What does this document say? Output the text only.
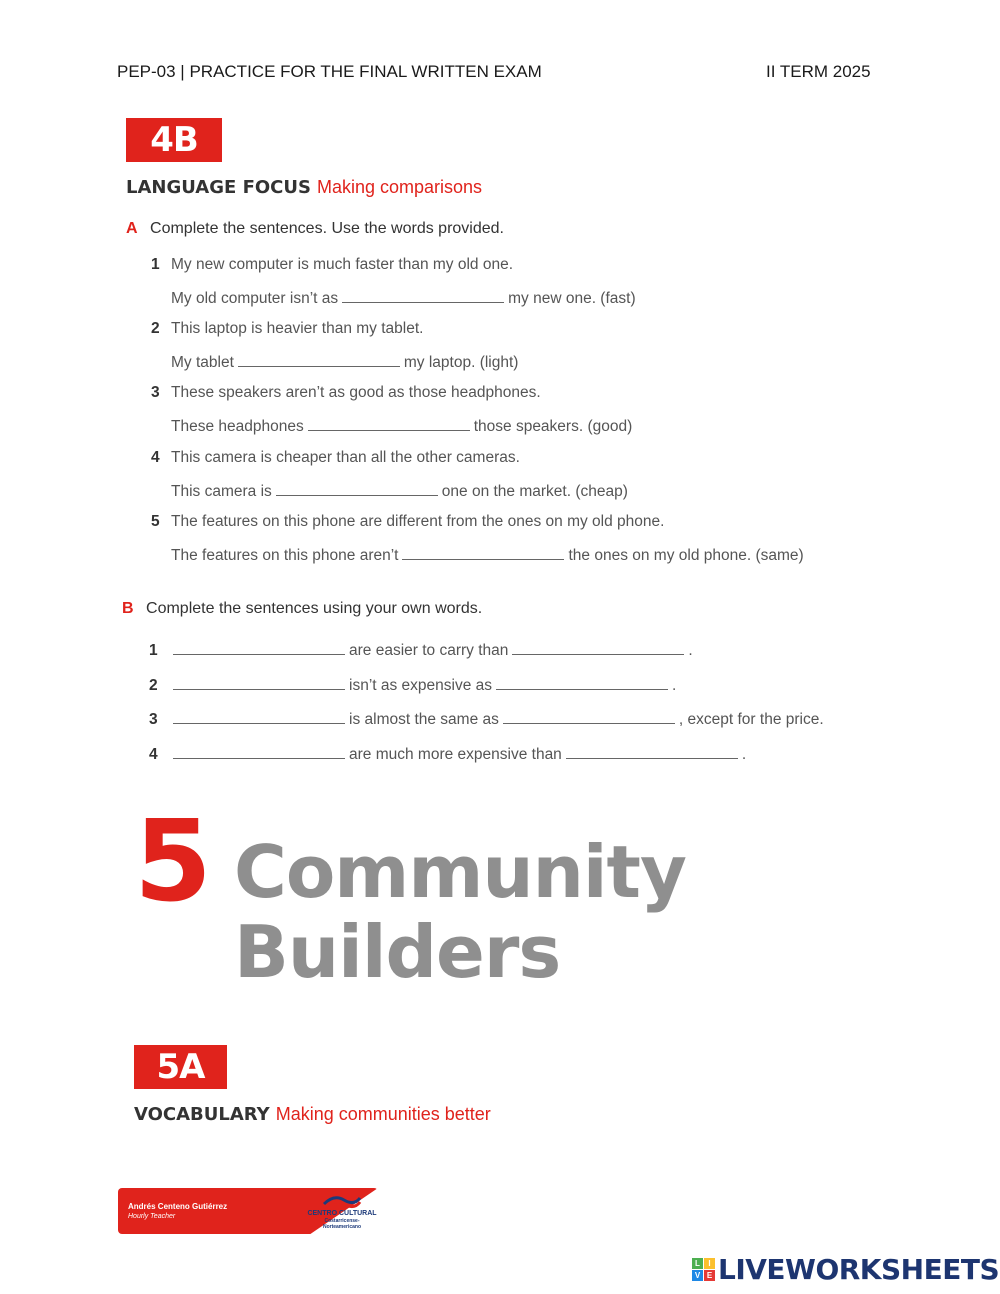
PEP-03 | PRACTICE FOR THE FINAL WRITTEN EXAM	II TERM 2025
4B
LANGUAGE FOCUS Making comparisons
A Complete the sentences. Use the words provided.
1 My new computer is much faster than my old one.
My old computer isn’t as	my new one. (fast)
2 This laptop is heavier than my tablet.
My tablet	my laptop. (light)
3 These speakers aren’t as good as those headphones.
These headphones	those speakers. (good)
4 This camera is cheaper than all the other cameras.
This camera is	one on the market. (cheap)
5 The features on this phone are different from the ones on my old phone.
The features on this phone aren’t	the ones on my old phone. (same)
B Complete the sentences using your own words.
1	are easier to carry than	.
2	isn’t as expensive as	.
3	is almost the same as	, except for the price.
4	are much more expensive than	.
5 Community
Builders
5A
VOCABULARY Making communities better
Andrés Centeno Gutiérrez
Hourly Teacher	CENTRO CULTURAL
Costarricense-Norteamericano
L	I
V E LIVEWORKSHEETS
